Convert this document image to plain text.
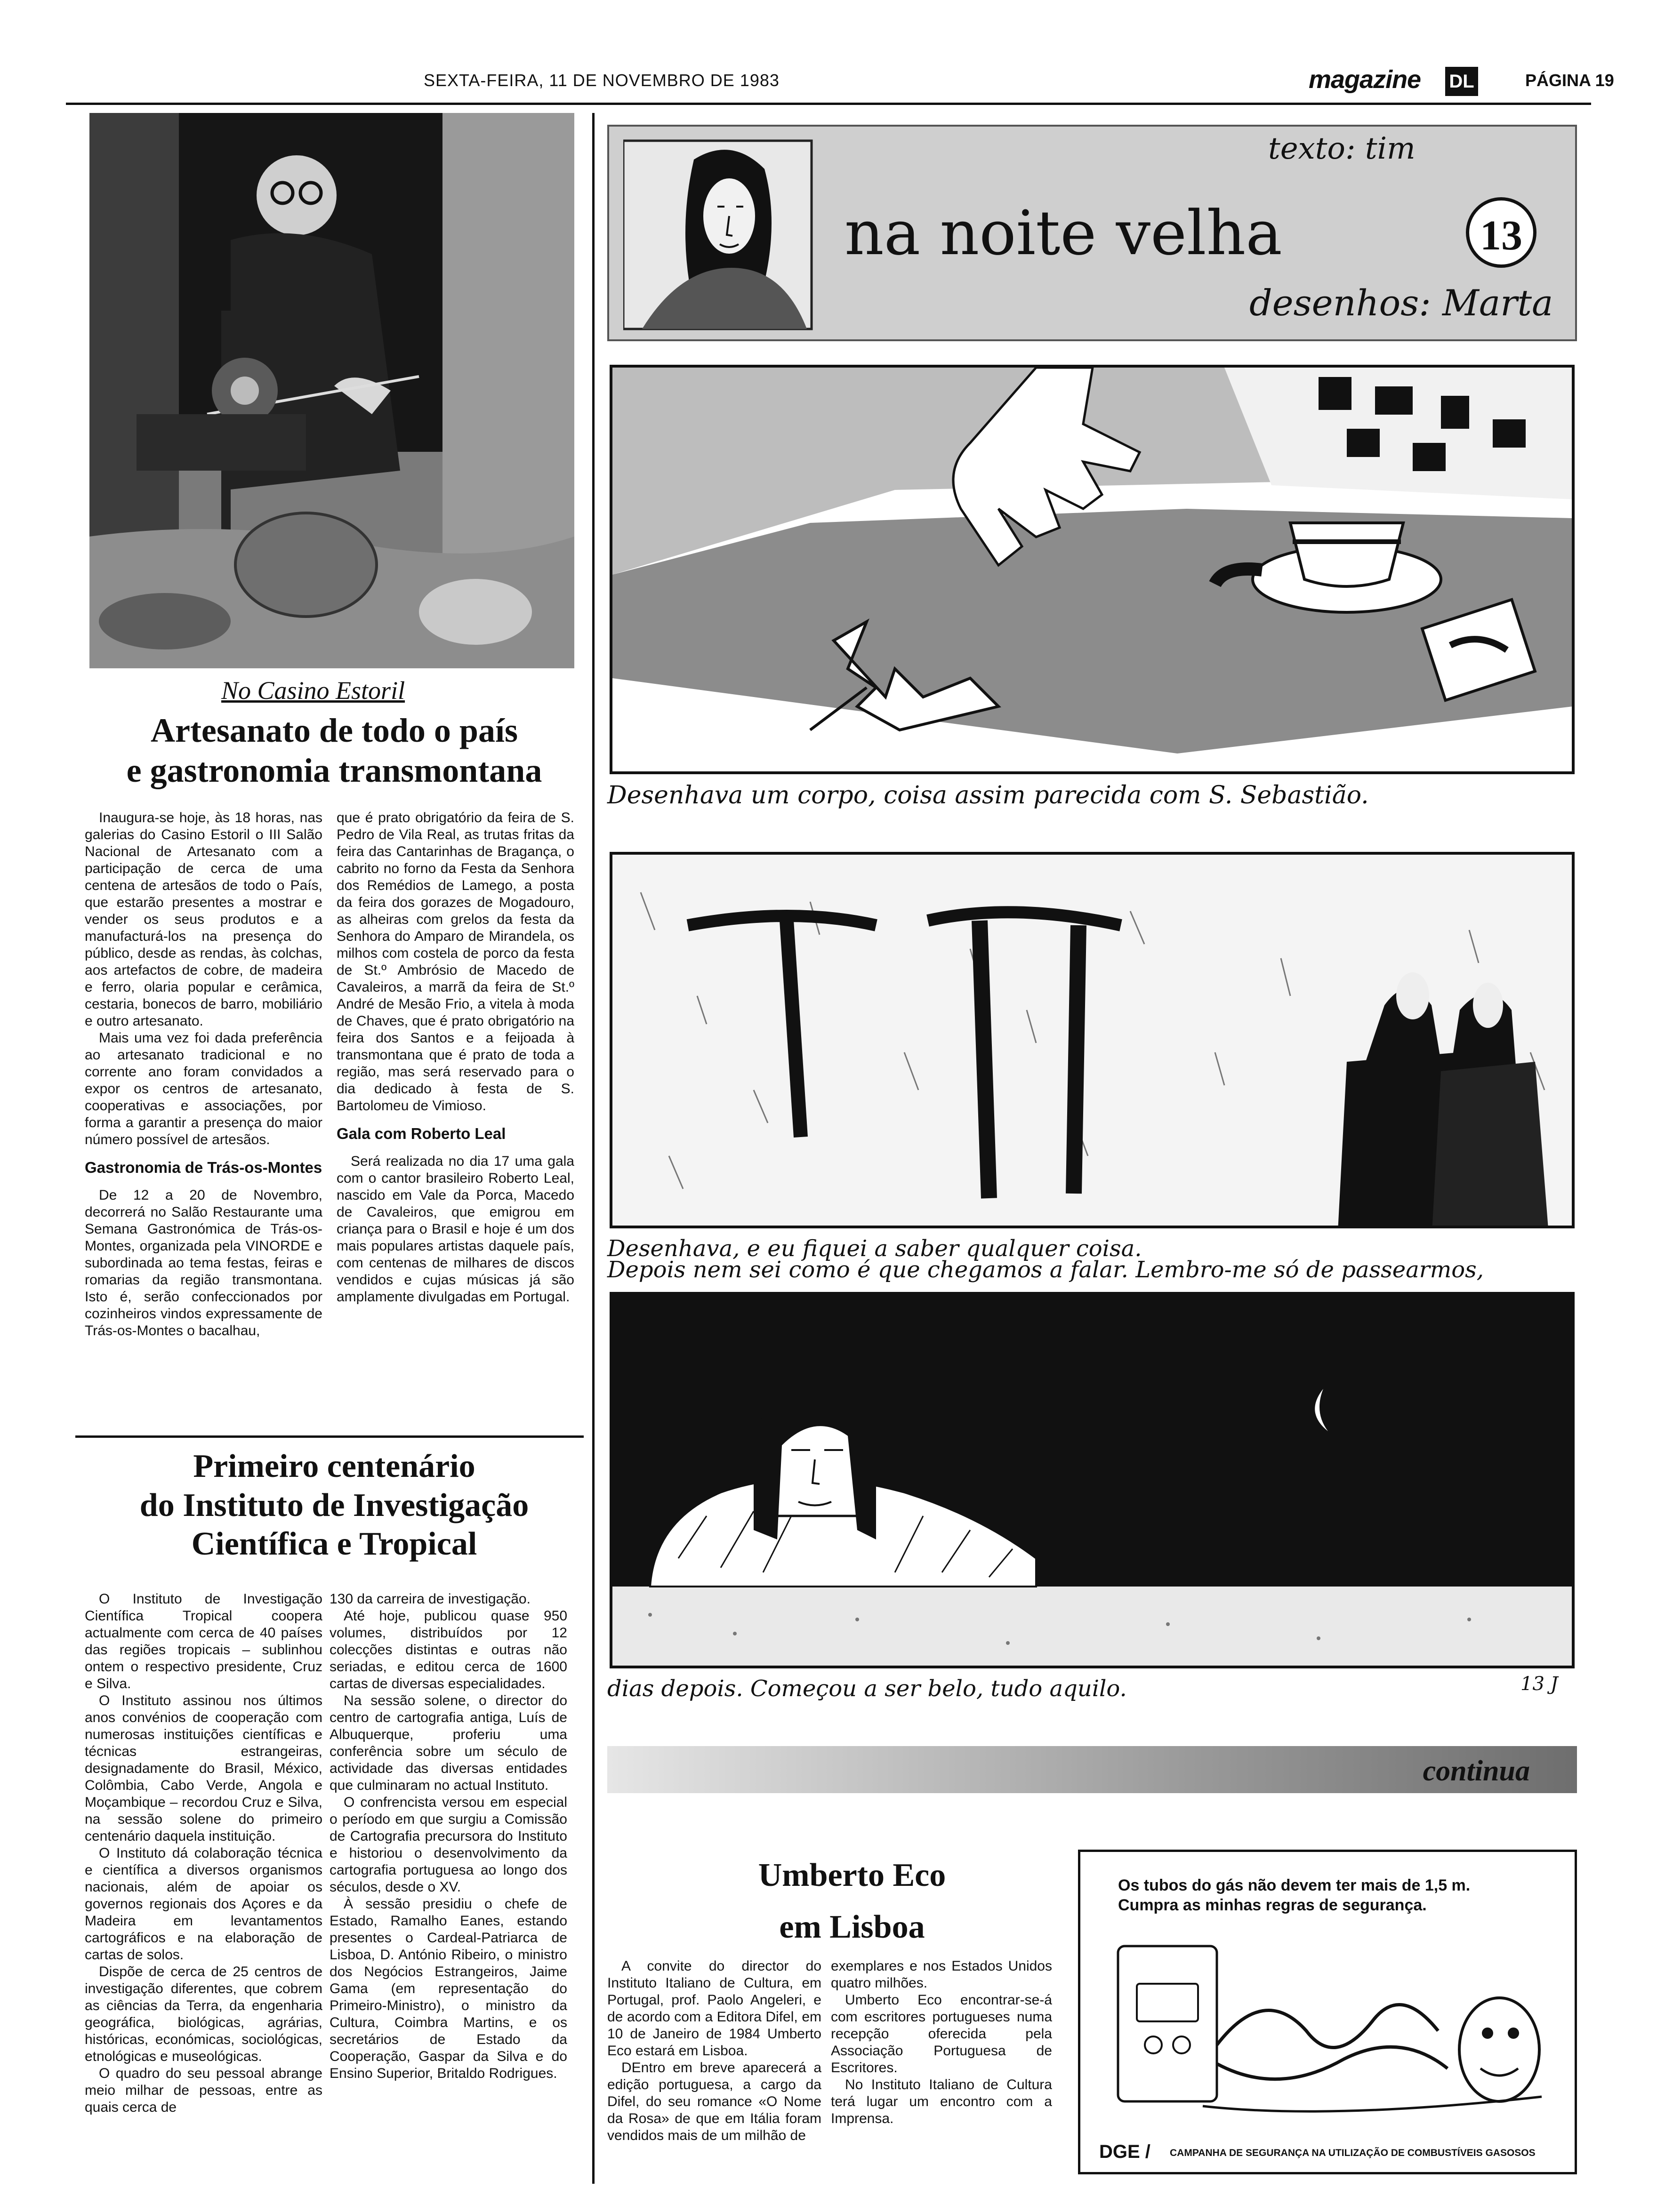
SEXTA-FEIRA, 11 DE NOVEMBRO DE 1983	magazine DL	PÁGINA 19
No Casino Estoril
Artesanato de todo o país
e gastronomia transmontana

Inaugura-se hoje, às 18 horas, nas galerias do Casino Estoril o III Salão Nacional de Artesanato com a participação de cerca de uma centena de artesãos de todo o País, que estarão presentes a mostrar e vender os seus produtos e a manufacturá-los na presença do público, desde as rendas, às colchas, aos artefactos de cobre, de madeira e ferro, olaria popular e cerâmica, cestaria, bonecos de barro, mobiliário e outro artesanato.

Mais uma vez foi dada preferência ao artesanato tradicional e no corrente ano foram convidados a expor os centros de artesanato, cooperativas e associações, por forma a garantir a presença do maior número possível de artesãos.

Gastronomia de Trás-os-Montes

De 12 a 20 de Novembro, decorrerá no Salão Restaurante uma Semana Gastronómica de Trás-os-Montes, organizada pela VINORDE e subordinada ao tema festas, feiras e romarias da região transmontana. Isto é, serão confeccionados por cozinheiros vindos expressamente de Trás-os-Montes o bacalhau,

que é prato obrigatório da feira de S. Pedro de Vila Real, as trutas fritas da feira das Cantarinhas de Bragança, o cabrito no forno da Festa da Senhora dos Remédios de Lamego, a posta da feira dos gorazes de Mogadouro, as alheiras com grelos da festa da Senhora do Amparo de Mirandela, os milhos com costela de porco da festa de St.º Ambrósio de Macedo de Cavaleiros, a marrã da feira de St.º André de Mesão Frio, a vitela à moda de Chaves, que é prato obrigatório na feira dos Santos e a feijoada à transmontana que é prato de toda a região, mas será reservado para o dia dedicado à festa de S. Bartolomeu de Vimioso.

Gala com Roberto Leal

Será realizada no dia 17 uma gala com o cantor brasileiro Roberto Leal, nascido em Vale da Porca, Macedo de Cavaleiros, que emigrou em criança para o Brasil e hoje é um dos mais populares artistas daquele país, com centenas de milhares de discos vendidos e cujas músicas já são amplamente divulgadas em Portugal.

Primeiro centenário
do Instituto de Investigação
Científica e Tropical

O Instituto de Investigação Científica Tropical coopera actualmente com cerca de 40 países das regiões tropicais – sublinhou ontem o respectivo presidente, Cruz e Silva.

O Instituto assinou nos últimos anos convénios de cooperação com numerosas instituições científicas e técnicas estrangeiras, designadamente do Brasil, México, Colômbia, Cabo Verde, Angola e Moçambique – recordou Cruz e Silva, na sessão solene do primeiro centenário daquela instituição.

O Instituto dá colaboração técnica e científica a diversos organismos nacionais, além de apoiar os governos regionais dos Açores e da Madeira em levantamentos cartográficos e na elaboração de cartas de solos.

Dispõe de cerca de 25 centros de investigação diferentes, que cobrem as ciências da Terra, da engenharia geográfica, biológicas, agrárias, históricas, económicas, sociológicas, etnológicas e museológicas.

O quadro do seu pessoal abrange meio milhar de pessoas, entre as quais cerca de

130 da carreira de investigação.

Até hoje, publicou quase 950 volumes, distribuídos por 12 colecções distintas e outras não seriadas, e editou cerca de 1600 cartas de diversas especialidades.

Na sessão solene, o director do centro de cartografia antiga, Luís de Albuquerque, proferiu uma conferência sobre um século de actividade das diversas entidades que culminaram no actual Instituto.

O confrencista versou em especial o período em que surgiu a Comissão de Cartografia precursora do Instituto e historiou o desenvolvimento da cartografia portuguesa ao longo dos séculos, desde o XV.

À sessão presidiu o chefe de Estado, Ramalho Eanes, estando presentes o Cardeal-Patriarca de Lisboa, D. António Ribeiro, o ministro dos Negócios Estrangeiros, Jaime Gama (em representação do Primeiro-Ministro), o ministro da Cultura, Coimbra Martins, e os secretários de Estado da Cooperação, Gaspar da Silva e do Ensino Superior, Britaldo Rodrigues.

texto: tim
na noite velha	13
desenhos: Marta
Desenhava um corpo, coisa assim parecida com S. Sebastião.
Desenhava, e eu fiquei a saber qualquer coisa.
Depois nem sei como é que chegamos a falar. Lembro-me só de passearmos,
dias depois. Começou a ser belo, tudo aquilo.	13 J
continua
Umberto Eco
em Lisboa

A convite do director do Instituto Italiano de Cultura, em Portugal, prof. Paolo Angeleri, e de acordo com a Editora Difel, em 10 de Janeiro de 1984 Umberto Eco estará em Lisboa.

DEntro em breve aparecerá a edição portuguesa, a cargo da Difel, do seu romance «O Nome da Rosa» de que em Itália foram vendidos mais de um milhão de

exemplares e nos Estados Unidos quatro milhões.

Umberto Eco encontrar-se-á com escritores portugueses numa recepção oferecida pela Associação Portuguesa de Escritores.

No Instituto Italiano de Cultura terá lugar um encontro com a Imprensa.

Os tubos do gás não devem ter mais de 1,5 m.
Cumpra as minhas regras de segurança.
DGE / CAMPANHA DE SEGURANÇA NA UTILIZAÇÃO DE COMBUSTÍVEIS GASOSOS
